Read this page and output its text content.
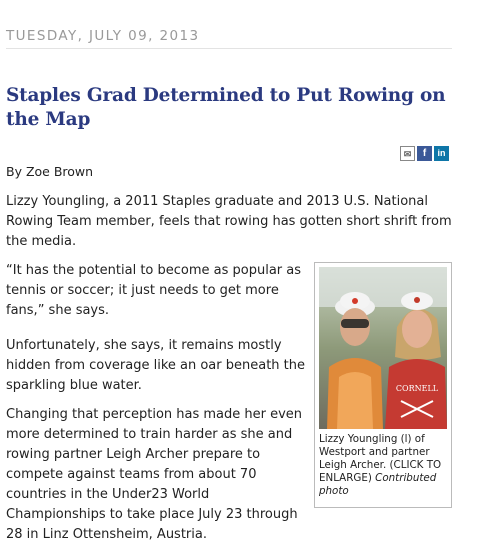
TUESDAY, JULY 09, 2013
Staples Grad Determined to Put Rowing on the Map
✉	f	in
By Zoe Brown

Lizzy Youngling, a 2011 Staples graduate and 2013 U.S. National Rowing Team member, feels that rowing has gotten short shrift from the media.

“It has the potential to become as popular as tennis or soccer; it just needs to get more fans,” she says.

Unfortunately, she says, it remains mostly hidden from coverage like an oar beneath the sparkling blue water.

Changing that perception has made her even more determined to train harder as she and rowing partner Leigh Archer prepare to compete against teams from about 70 countries in the Under23 World Championships to take place July 23 through 28 in Linz Ottensheim, Austria.

CORNELL
Lizzy Youngling (l) of Westport and partner Leigh Archer. (CLICK TO ENLARGE) Contributed photo
